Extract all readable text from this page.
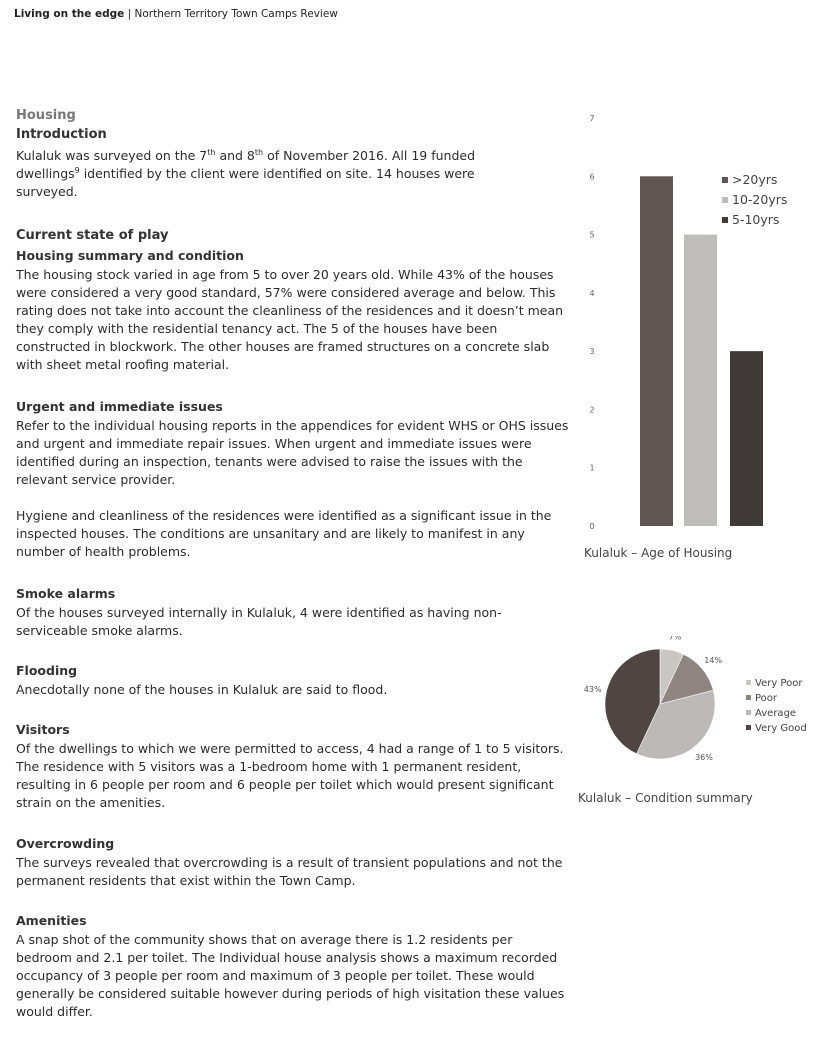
Living on the edge | Northern Territory Town Camps Review
Housing
Introduction

Kulaluk was surveyed on the 7th and 8th of November 2016. All 19 funded dwellings$^9$ identified by the client were identified on site. 14 houses were surveyed.

Current state of play
Housing summary and condition

The housing stock varied in age from 5 to over 20 years old. While 43% of the houses were considered a very good standard, 57% were considered average and below. This rating does not take into account the cleanliness of the residences and it doesn’t mean they comply with the residential tenancy act. The 5 of the houses have been constructed in blockwork. The other houses are framed structures on a concrete slab with sheet metal roofing material.

Urgent and immediate issues

Refer to the individual housing reports in the appendices for evident WHS or OHS issues and urgent and immediate repair issues. When urgent and immediate issues were identified during an inspection, tenants were advised to raise the issues with the relevant service provider.

Hygiene and cleanliness of the residences were identified as a significant issue in the inspected houses. The conditions are unsanitary and are likely to manifest in any number of health problems.

Smoke alarms

Of the houses surveyed internally in Kulaluk, 4 were identified as having non-serviceable smoke alarms.

Flooding

Anecdotally none of the houses in Kulaluk are said to flood.

Visitors

Of the dwellings to which we were permitted to access, 4 had a range of 1 to 5 visitors. The residence with 5 visitors was a 1-bedroom home with 1 permanent resident, resulting in 6 people per room and 6 people per toilet which would present significant strain on the amenities.

Overcrowding

The surveys revealed that overcrowding is a result of transient populations and not the permanent residents that exist within the Town Camp.

Amenities

A snap shot of the community shows that on average there is 1.2 residents per bedroom and 2.1 per toilet. The Individual house analysis shows a maximum recorded occupancy of 3 people per room and maximum of 3 people per toilet. These would generally be considered suitable however during periods of high visitation these values would differ.

0
1
2
3
4
5
6
7
>20yrs
10-20yrs
5-10yrs
Kulaluk – Age of Housing
7%
14%
36%
43%
Very Poor
Poor
Average
Very Good
Kulaluk – Condition summary
